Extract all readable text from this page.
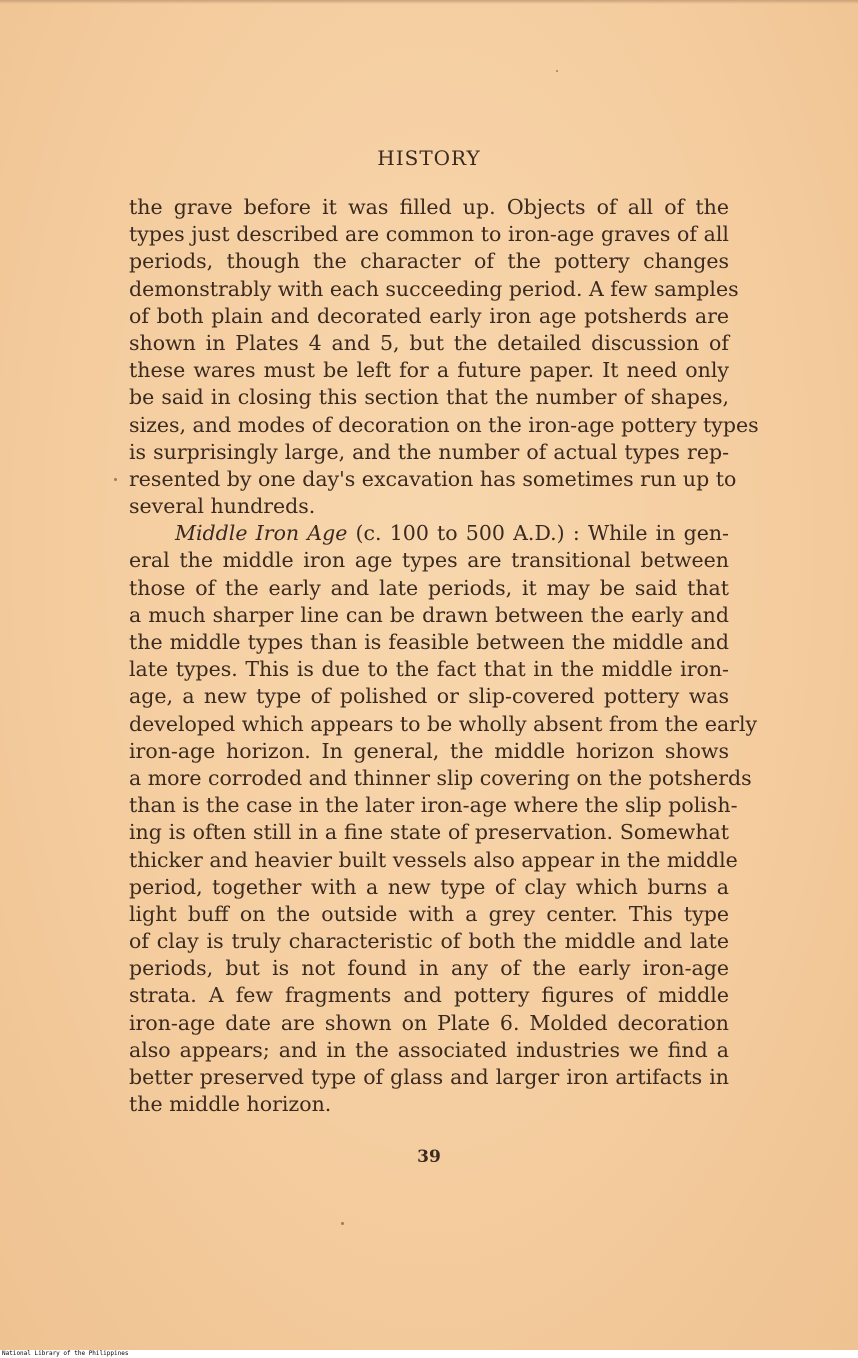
HISTORY
the grave before it was filled up. Objects of all of the
types just described are common to iron-age graves of all
periods, though the character of the pottery changes
demonstrably with each succeeding period. A few samples
of both plain and decorated early iron age potsherds are
shown in Plates 4 and 5, but the detailed discussion of
these wares must be left for a future paper. It need only
be said in closing this section that the number of shapes,
sizes, and modes of decoration on the iron-age pottery types
is surprisingly large, and the number of actual types rep-
resented by one day's excavation has sometimes run up to
several hundreds.
Middle Iron Age (c. 100 to 500 A.D.) : While in gen-
eral the middle iron age types are transitional between
those of the early and late periods, it may be said that
a much sharper line can be drawn between the early and
the middle types than is feasible between the middle and
late types. This is due to the fact that in the middle iron-
age, a new type of polished or slip-covered pottery was
developed which appears to be wholly absent from the early
iron-age horizon. In general, the middle horizon shows
a more corroded and thinner slip covering on the potsherds
than is the case in the later iron-age where the slip polish-
ing is often still in a fine state of preservation. Somewhat
thicker and heavier built vessels also appear in the middle
period, together with a new type of clay which burns a
light buff on the outside with a grey center. This type
of clay is truly characteristic of both the middle and late
periods, but is not found in any of the early iron-age
strata. A few fragments and pottery figures of middle
iron-age date are shown on Plate 6. Molded decoration
also appears; and in the associated industries we find a
better preserved type of glass and larger iron artifacts in
the middle horizon.
39
National Library of the Philippines
